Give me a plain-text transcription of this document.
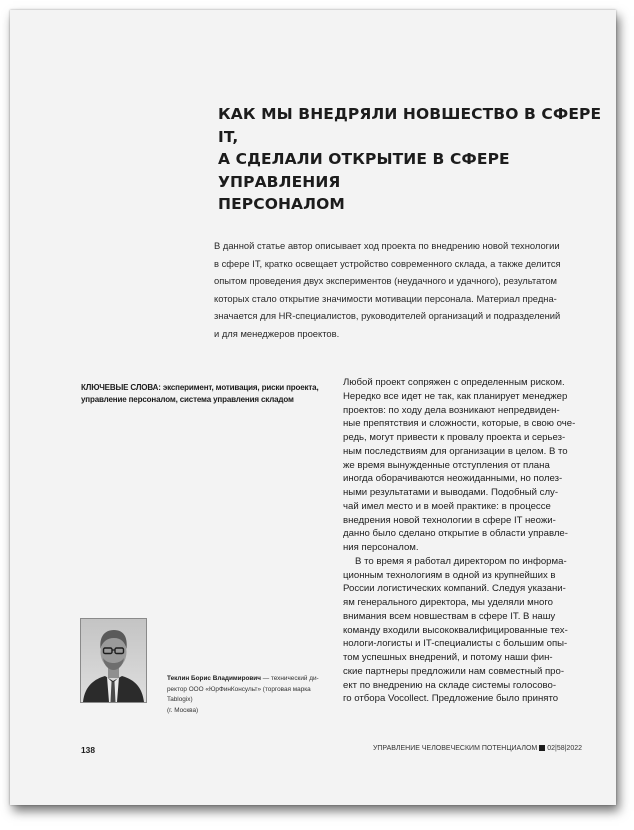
КАК МЫ ВНЕДРЯЛИ НОВШЕСТВО В СФЕРЕ IT,
А СДЕЛАЛИ ОТКРЫТИЕ В СФЕРЕ УПРАВЛЕНИЯ
ПЕРСОНАЛОМ
В данной статье автор описывает ход проекта по внедрению новой технологии
в сфере IT, кратко освещает устройство современного склада, а также делится
опытом проведения двух экспериментов (неудачного и удачного), результатом
которых стало открытие значимости мотивации персонала. Материал предна-
значается для HR-специалистов, руководителей организаций и подразделений
и для менеджеров проектов.
КЛЮЧЕВЫЕ СЛОВА: эксперимент, мотивация, риски проекта,
управление персоналом, система управления складом

Любой проект сопряжен с определенным риском.
Нередко все идет не так, как планирует менеджер
проектов: по ходу дела возникают непредвиден-
ные препятствия и сложности, которые, в свою оче-
редь, могут привести к провалу проекта и серьез-
ным последствиям для организации в целом. В то
же время вынужденные отступления от плана
иногда оборачиваются неожиданными, но полез-
ными результатами и выводами. Подобный слу-
чай имел место и в моей практике: в процессе
внедрения новой технологии в сфере IT неожи-
данно было сделано открытие в области управле-
ния персоналом.

В то время я работал директором по информа-
ционным технологиям в одной из крупнейших в
России логистических компаний. Следуя указани-
ям генерального директора, мы уделяли много
внимания всем новшествам в сфере IT. В нашу
команду входили высококвалифицированные тех-
нологи-логисты и IT-специалисты с большим опы-
том успешных внедрений, и потому наши фин-
ские партнеры предложили нам совместный про-
ект по внедрению на складе системы голосово-
го отбора Vocollect. Предложение было принято

Теклин Борис Владимирович — технический ди-
ректор ООО «ЮрФинКонсульт» (торговая марка Tablogix)
(г. Москва)

138	УПРАВЛЕНИЕ ЧЕЛОВЕЧЕСКИМ ПОТЕНЦИАЛОМ 02|58|2022
